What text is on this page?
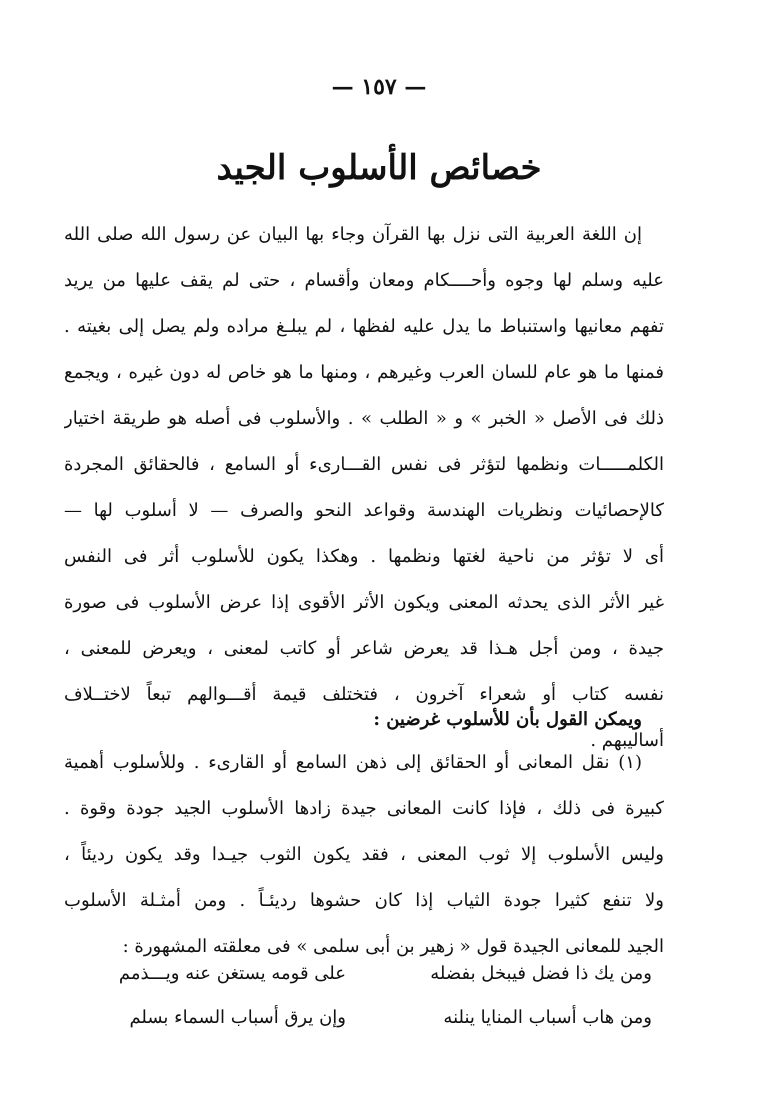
— ١٥٧ —
خصائص الأسلوب الجيد
إن اللغة العربية التى نزل بها القرآن وجاء بها البيان عن رسول الله صلى الله
عليه وسلم لها وجوه وأحــــكام ومعان وأقسام ، حتى لم يقف عليها من يريد
تفهم معانيها واستنباط ما يدل عليه لفظها ، لم يبلـغ مراده ولم يصل إلى بغيته .
فمنها ما هو عام للسان العرب وغيرهم ، ومنها ما هو خاص له دون غيره ، ويجمع
ذلك فى الأصل « الخبر » و « الطلب » . والأسلوب فى أصله هو طريقة اختيار
الكلمـــــات ونظمها لتؤثر فى نفس القـــارىء أو السامع ، فالحقائق المجردة
كالإحصائيات ونظريات الهندسة وقواعد النحو والصرف — لا أسلوب لها —
أى لا تؤثر من ناحية لغتها ونظمها . وهكذا يكون للأسلوب أثر فى النفس
غير الأثر الذى يحدثه المعنى ويكون الأثر الأقوى إذا عرض الأسلوب فى صورة
جيدة ، ومن أجل هـذا قد يعرض شاعر أو كاتب لمعنى ، ويعرض للمعنى ،
نفسه كتاب أو شعراء آخرون ، فتختلف قيمة أقـــوالهم تبعاً لاختــلاف
أساليبهم .
ويمكن القول بأن للأسلوب غرضين :
(١) نقل المعانى أو الحقائق إلى ذهن السامع أو القارىء . وللأسلوب أهمية
كبيرة فى ذلك ، فإذا كانت المعانى جيدة زادها الأسلوب الجيد جودة وقوة .
وليس الأسلوب إلا ثوب المعنى ، فقد يكون الثوب جيـدا وقد يكون رديئاً ،
ولا تنفع كثيرا جودة الثياب إذا كان حشوها رديئـاً . ومن أمثـلة الأسلوب
الجيد للمعانى الجيدة قول « زهير بن أبى سلمى » فى معلقته المشهورة :
ومن يك ذا فضل فيبخل بفضله
على قومه يستغن عنه ويـــذمم
ومن هاب أسباب المنايا ينلنه
وإن يرق أسباب السماء بسلم
